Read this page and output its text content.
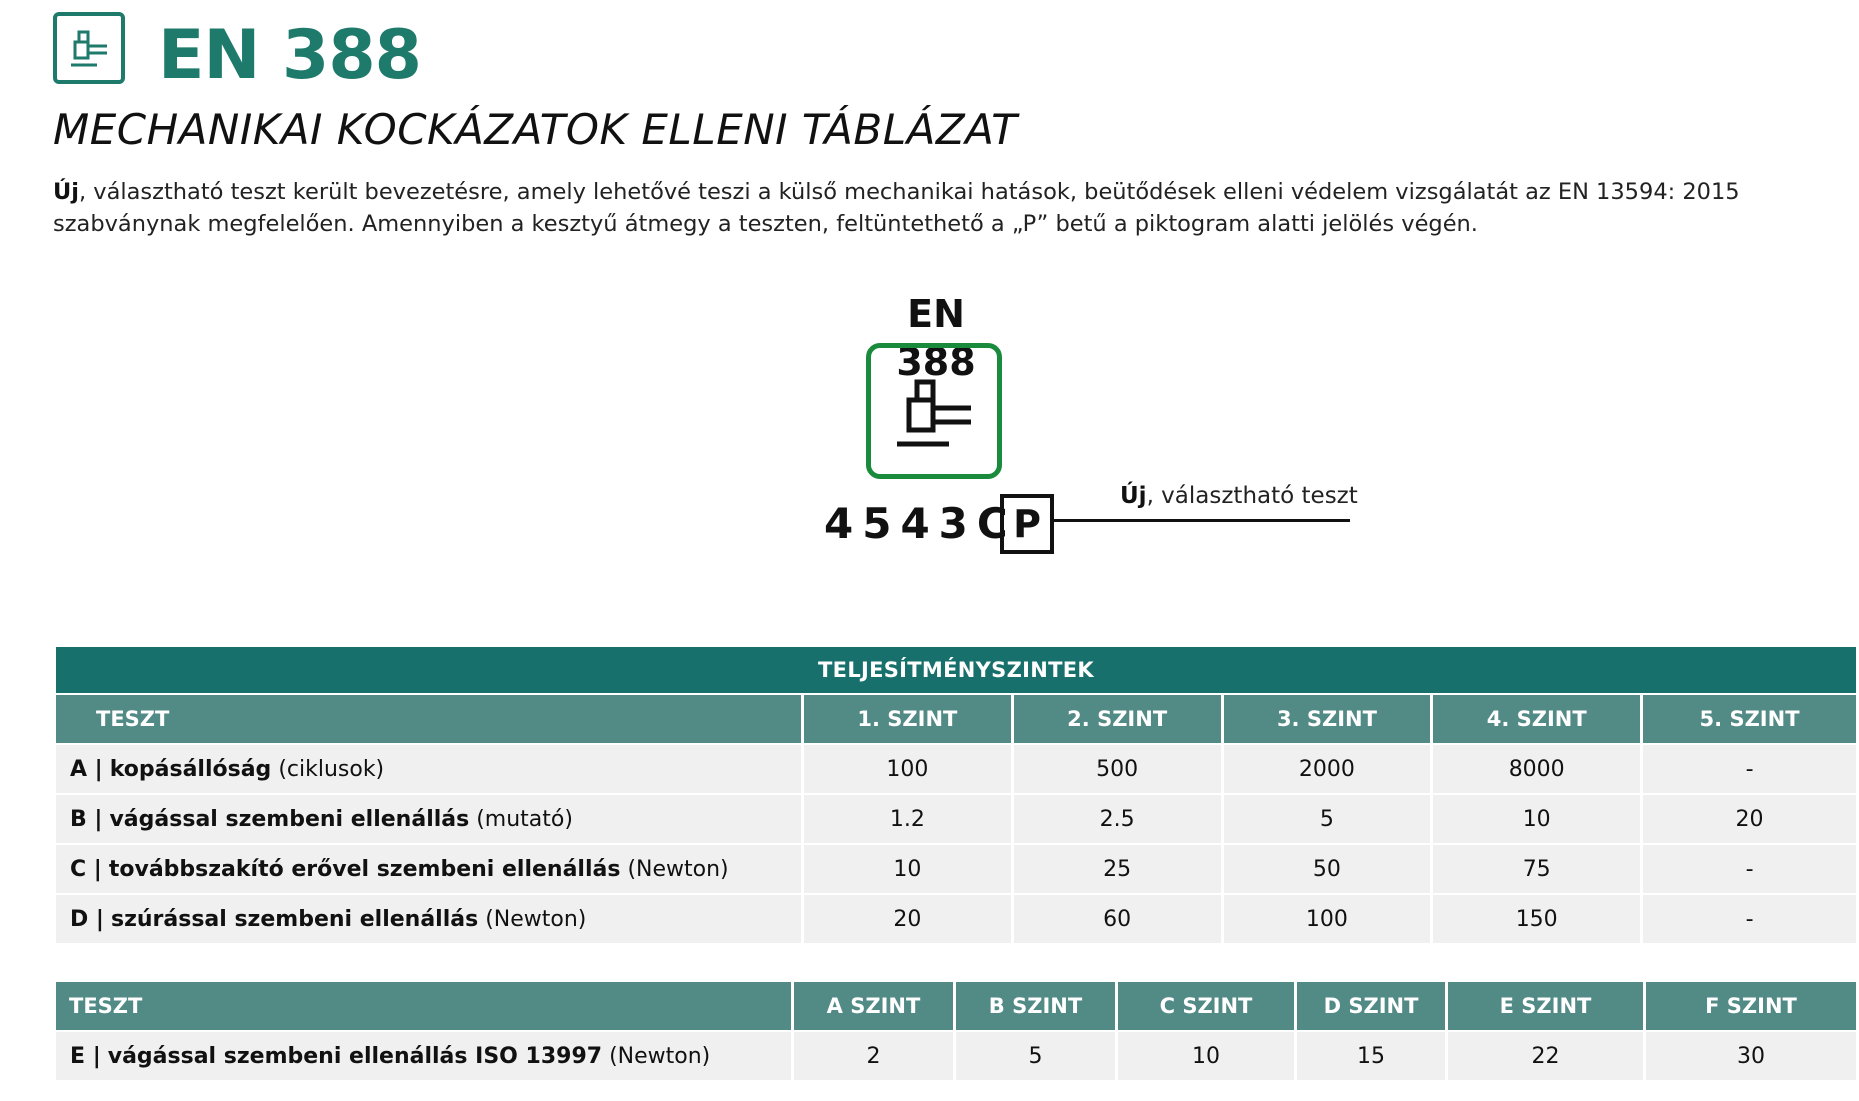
EN 388
MECHANIKAI KOCKÁZATOK ELLENI TÁBLÁZAT
Új, választható teszt került bevezetésre, amely lehetővé teszi a külső mechanikai hatások, beütődések elleni védelem vizsgálatát az EN 13594: 2015 szabványnak megfelelően. Amennyiben a kesztyű átmegy a teszten, feltüntethető a „P” betű a piktogram alatti jelölés végén.
EN 388
4543C
P
Új, választható teszt
TELJESÍTMÉNYSZINTEK					
TESZT	1. SZINT	2. SZINT	3. SZINT	4. SZINT	5. SZINT
A | kopásállóság (ciklusok)	100	500	2000	8000	-
B | vágással szembeni ellenállás (mutató)	1.2	2.5	5	10	20
C | továbbszakító erővel szembeni ellenállás (Newton)	10	25	50	75	-
D | szúrással szembeni ellenállás (Newton)	20	60	100	150	-
TESZT	A SZINT	B SZINT	C SZINT	D SZINT	E SZINT	F SZINT
E | vágással szembeni ellenállás ISO 13997 (Newton)	2	5	10	15	22	30
